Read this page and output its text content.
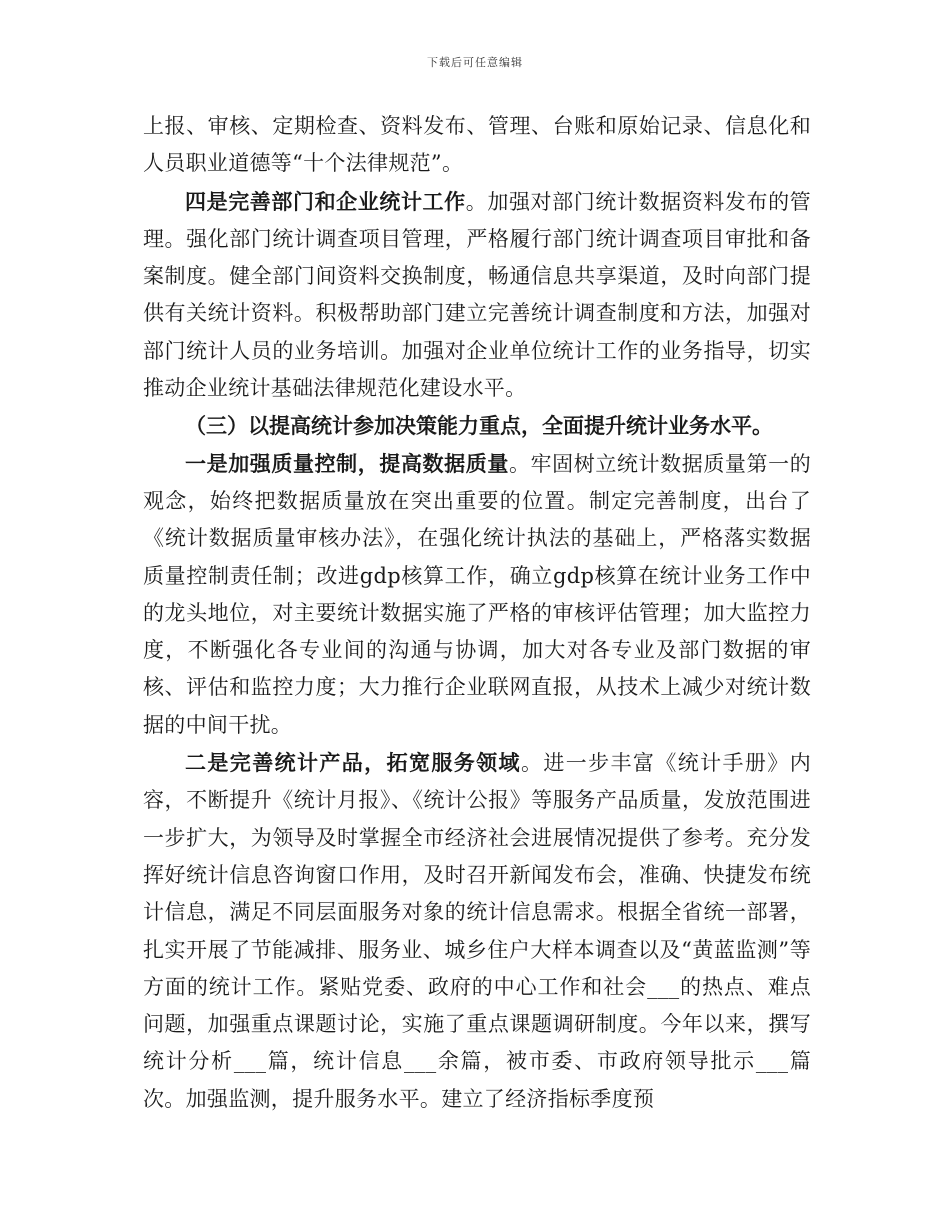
下载后可任意编辑

上报、审核、定期检查、资料发布、管理、台账和原始记录、信息化和人员职业道德等“十个法律规范”。

四是完善部门和企业统计工作。加强对部门统计数据资料发布的管理。强化部门统计调查项目管理，严格履行部门统计调查项目审批和备案制度。健全部门间资料交换制度，畅通信息共享渠道，及时向部门提供有关统计资料。积极帮助部门建立完善统计调查制度和方法，加强对部门统计人员的业务培训。加强对企业单位统计工作的业务指导，切实推动企业统计基础法律规范化建设水平。

（三）以提高统计参加决策能力重点，全面提升统计业务水平。

一是加强质量控制，提高数据质量。牢固树立统计数据质量第一的观念，始终把数据质量放在突出重要的位置。制定完善制度，出台了《统计数据质量审核办法》，在强化统计执法的基础上，严格落实数据质量控制责任制；改进gdp核算工作，确立gdp核算在统计业务工作中的龙头地位，对主要统计数据实施了严格的审核评估管理；加大监控力度，不断强化各专业间的沟通与协调，加大对各专业及部门数据的审核、评估和监控力度；大力推行企业联网直报，从技术上减少对统计数据的中间干扰。

二是完善统计产品，拓宽服务领域。进一步丰富《统计手册》内容，不断提升《统计月报》、《统计公报》等服务产品质量，发放范围进一步扩大，为领导及时掌握全市经济社会进展情况提供了参考。充分发挥好统计信息咨询窗口作用，及时召开新闻发布会，准确、快捷发布统计信息，满足不同层面服务对象的统计信息需求。根据全省统一部署，扎实开展了节能减排、服务业、城乡住户大样本调查以及“黄蓝监测”等方面的统计工作。紧贴党委、政府的中心工作和社会___的热点、难点问题，加强重点课题讨论，实施了重点课题调研制度。今年以来，撰写统计分析___篇，统计信息___余篇，被市委、市政府领导批示___篇次。加强监测，提升服务水平。建立了经济指标季度预
